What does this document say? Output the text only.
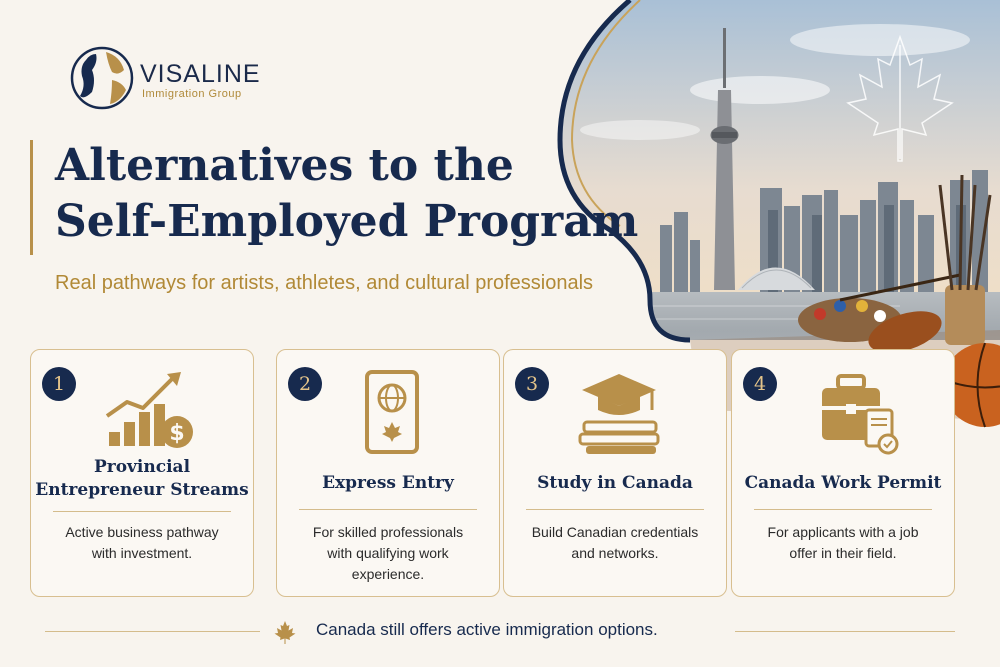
VISALINE
Immigration Group
Alternatives to the
Self-Employed Program
Real pathways for artists, athletes, and cultural professionals
1
$
Provincial
Entrepreneur Streams
Active business pathway
with investment.
2
Express Entry
For skilled professionals
with qualifying work
experience.
3
Study in Canada
Build Canadian credentials
and networks.
4
Canada Work Permit
For applicants with a job
offer in their field.
Canada still offers active immigration options.
